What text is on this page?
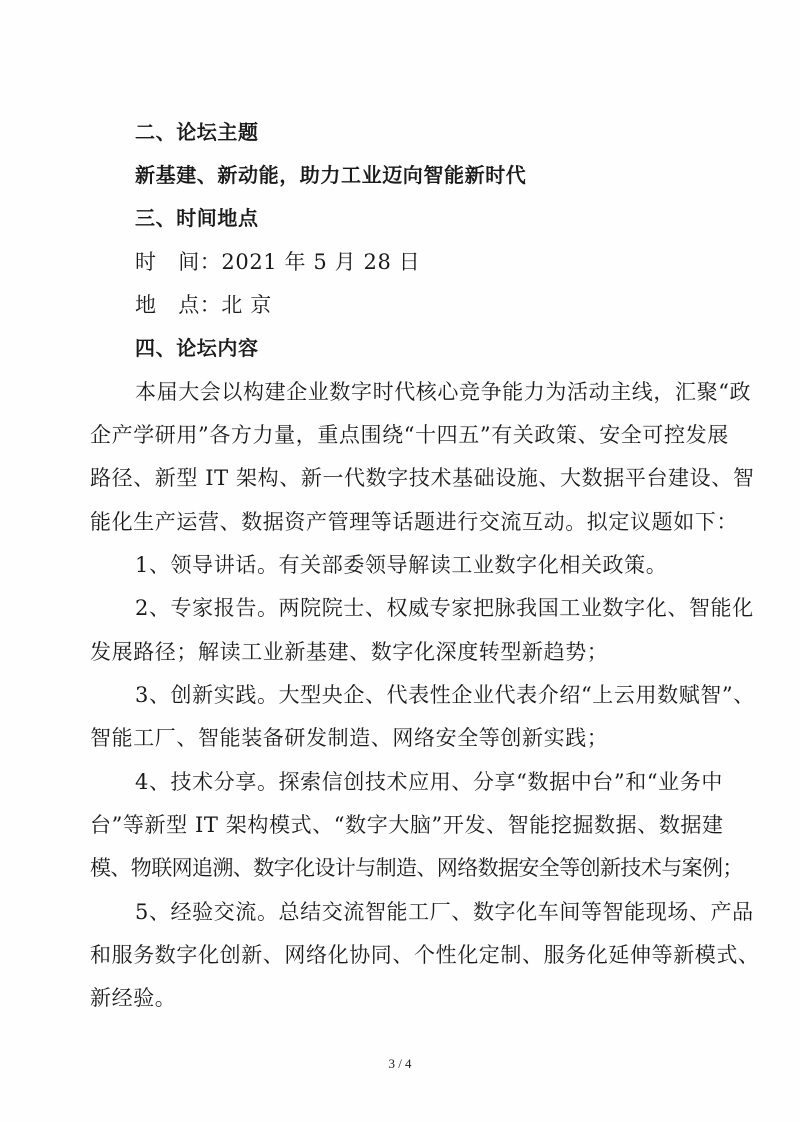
二、论坛主题
新基建、新动能，助力工业迈向智能新时代
三、时间地点
时　间：2021 年 5 月 28 日
地　点：北 京
四、论坛内容
本届大会以构建企业数字时代核心竞争能力为活动主线，汇聚“政
企产学研用”各方力量，重点围绕“十四五”有关政策、安全可控发展
路径、新型 IT 架构、新一代数字技术基础设施、大数据平台建设、智
能化生产运营、数据资产管理等话题进行交流互动。拟定议题如下：
1、领导讲话。有关部委领导解读工业数字化相关政策。
2、专家报告。两院院士、权威专家把脉我国工业数字化、智能化
发展路径；解读工业新基建、数字化深度转型新趋势；
3、创新实践。大型央企、代表性企业代表介绍“上云用数赋智”、
智能工厂、智能装备研发制造、网络安全等创新实践；
4、技术分享。探索信创技术应用、分享“数据中台”和“业务中
台”等新型 IT 架构模式、“数字大脑”开发、智能挖掘数据、数据建
模、物联网追溯、数字化设计与制造、网络数据安全等创新技术与案例；
5、经验交流。总结交流智能工厂、数字化车间等智能现场、产品
和服务数字化创新、网络化协同、个性化定制、服务化延伸等新模式、
新经验。
3 / 4
